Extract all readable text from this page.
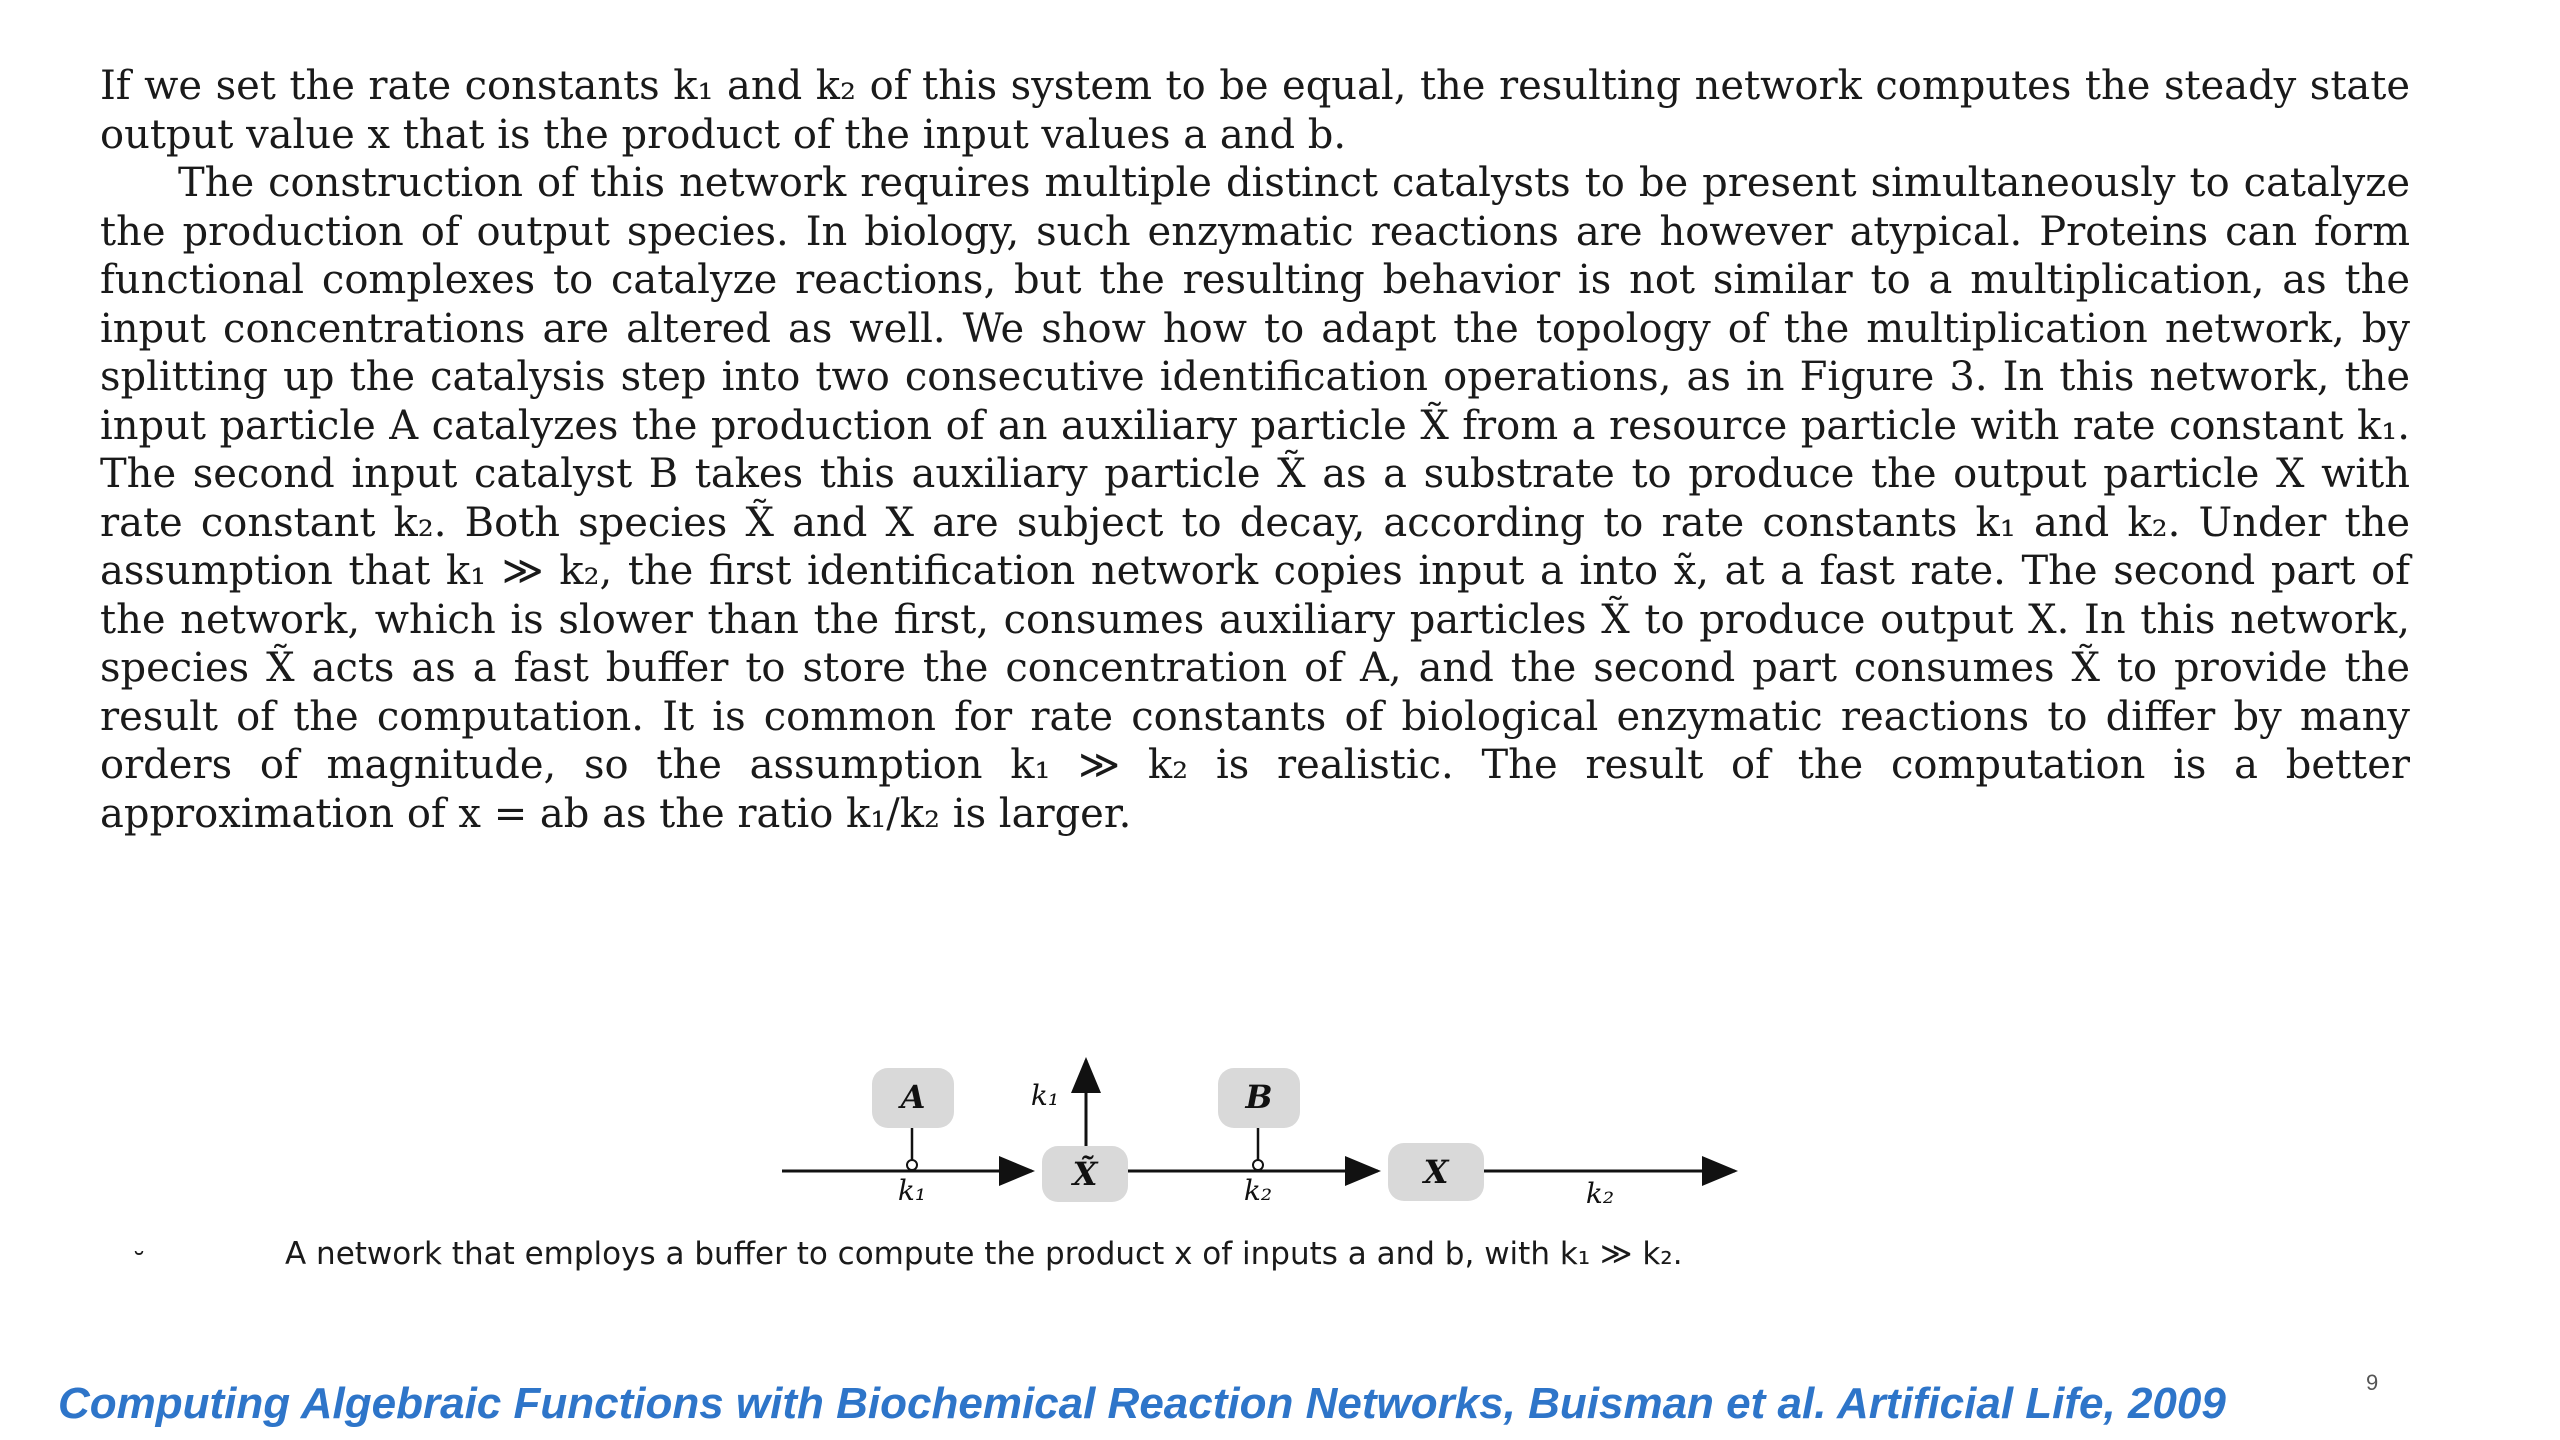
If we set the rate constants k₁ and k₂ of this system to be equal, the resulting network computes the steady state output value x that is the product of the input values a and b.

The construction of this network requires multiple distinct catalysts to be present simultaneously to catalyze the production of output species. In biology, such enzymatic reactions are however atypical. Proteins can form functional complexes to catalyze reactions, but the resulting behavior is not similar to a multiplication, as the input concentrations are altered as well. We show how to adapt the topology of the multiplication network, by splitting up the catalysis step into two consecutive identification operations, as in Figure 3. In this network, the input particle A catalyzes the production of an auxiliary particle X̃ from a resource particle with rate constant k₁. The second input catalyst B takes this auxiliary particle X̃ as a substrate to produce the output particle X with rate constant k₂. Both species X̃ and X are subject to decay, according to rate constants k₁ and k₂. Under the assumption that k₁ ≫ k₂, the first identification network copies input a into x̃, at a fast rate. The second part of the network, which is slower than the first, consumes auxiliary particles X̃ to produce output X. In this network, species X̃ acts as a fast buffer to store the concentration of A, and the second part consumes X̃ to provide the result of the computation. It is common for rate constants of biological enzymatic reactions to differ by many orders of magnitude, so the assumption k₁ ≫ k₂ is realistic. The result of the computation is a better approximation of x = ab as the ratio k₁/k₂ is larger.

A	B
X̃	X
k₁
k₁	k₂	k₂
˘	A network that employs a buffer to compute the product x of inputs a and b, with k₁ ≫ k₂.
Computing Algebraic Functions with Biochemical Reaction Networks, Buisman et al. Artificial Life, 2009	9
